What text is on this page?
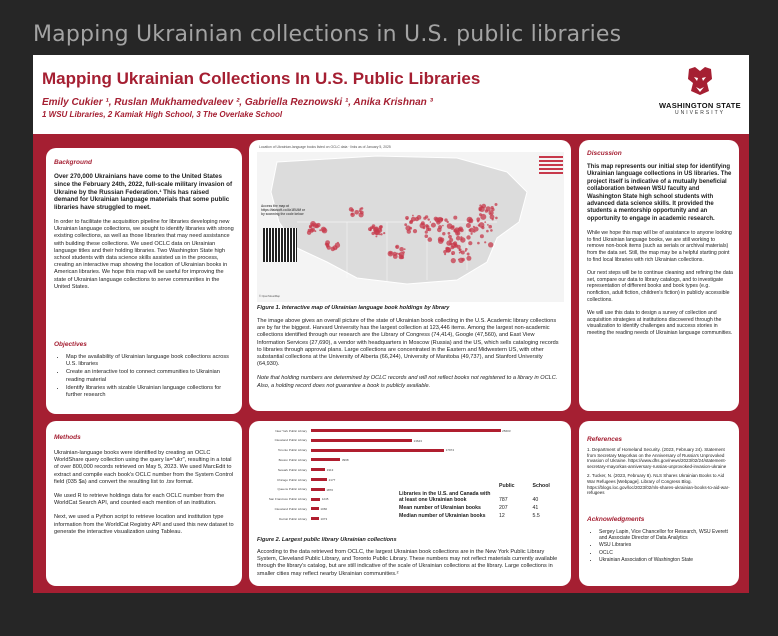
Mapping Ukrainian collections in U.S. public libraries
Mapping Ukrainian Collections In U.S. Public Libraries
Emily Cukier ¹, Ruslan Mukhamedvaleev ², Gabriella Reznowski ¹, Anika Krishnan ³
1 WSU Libraries, 2 Kamiak High School, 3 The Overlake School
WASHINGTON STATE
UNIVERSITY
Background

Over 270,000 Ukrainians have come to the United States since the February 24th, 2022, full-scale military invasion of Ukraine by the Russian Federation.¹ This has raised demand for Ukrainian language materials that some public libraries have struggled to meet.

In order to facilitate the acquisition pipeline for libraries developing new Ukrainian language collections, we sought to identify libraries with strong existing collections, as well as those libraries that may need assistance with building these collections. We used OCLC data on Ukrainian language titles and their holding libraries. Two Washington State high school students with data science skills assisted us in the process, creating an interactive map showing the location of Ukrainian books in American libraries. We hope this map will be useful for improving the state of Ukrainian language collections to serve communities in the United States.

Objectives
• Map the availability of Ukrainian language book collections across U.S. libraries
• Create an interactive tool to connect communities to Ukrainian reading material
• Identify libraries with sizable Ukrainian language collections for further research
Methods

Ukrainian-language books were identified by creating an OCLC WorldShare query collection using the query la="ukr", resulting in a total of over 800,000 records retrieved on May 5, 2023. We used MarcEdit to extract and compile each book's OCLC number from the System Control field (035 $a) and convert the resulting list to .tsv format.

We used R to retrieve holdings data for each OCLC number from the WorldCat Search API, and counted each mention of an institution.

Next, we used a Python script to retrieve location and institution type information from the WorldCat Registry API and used this new dataset to generate the interactive visualization using Tableau.

Location of Ukrainian-language books listed on OCLC data · links as of January 5, 2025
Access the map at https://tabsoft.co/4e1EUIM or by scanning the code below
© OpenStreetMap
Figure 1. Interactive map of Ukrainian language book holdings by library

The image above gives an overall picture of the state of Ukrainian book collecting in the U.S. Academic library collections are by far the biggest. Harvard University has the largest collection at 123,446 items. Among the largest non-academic collections identified through our research are the Library of Congress (74,414), Google (47,560), and East View Information Services (27,690), a vendor with headquarters in Moscow (Russia) and the US, which sells cataloging records to libraries through approval plans. Large collections are concentrated in the Eastern and Midwestern US, with other substantial collections at the University of Alberta (66,244), University of Manitoba (49,737), and Stanford University (64,930).

Note that holding numbers are determined by OCLC records and will not reflect books not registered to a library in OCLC. Also, a holding record does not guarantee a book is publicly available.

New York Public Library	25603
Cleveland Public Library	13643
Toronto Public Library	17974
Boston Public Library	3968
Newark Public Library	1913
Chicago Public Library	2177
Queens Public Library	1870
San Francisco Public Library	1245
Cleveland Public Library	1066
Detroit Public Library	1073
	Public	School
Libraries in the U.S. and Canada with at least one Ukrainian book	787	40
Mean number of Ukrainian books	207	41
Median number of Ukrainian books	12	5.5
Figure 2. Largest public library Ukrainian collections
According to the data retrieved from OCLC, the largest Ukrainian book collections are in the New York Public Library System, Cleveland Public Library, and Toronto Public Library. These numbers may not reflect materials currently available through the library's catalog, but are still indicative of the scale of Ukrainian collections at the library. Large collections in smaller cities may reflect nearby Ukrainian communities.²
Discussion

This map represents our initial step for identifying Ukrainian language collections in US libraries. The project itself is indicative of a mutually beneficial collaboration between WSU faculty and Washington State high school students with advanced data science skills. It provided the students a mentorship opportunity and an opportunity to engage in academic research.

While we hope this map will be of assistance to anyone looking to find Ukrainian language books, we are still working to remove non-book items (such as serials or archival materials) from the data set. Still, the map may be a helpful starting point to find local libraries with rich Ukrainian collections.

Our next steps will be to continue cleaning and refining the data set, compare our data to library catalogs, and to investigate representation of different books and book types (e.g. nonfiction, adult fiction, children's fiction) in publicly accessible collections.

We will use this data to design a survey of collection and acquisition strategies at institutions discovered through the visualization to identify challenges and success stories in meeting the reading needs of Ukrainian language communities.

References

1. Department of Homeland Security. (2023, February 24). Statement from Secretary Mayorkas on the Anniversary of Russia's Unprovoked Invasion of Ukraine. https://www.dhs.gov/news/2023/02/24/statement-secretary-mayorkas-anniversary-russias-unprovoked-invasion-ukraine

2. Tucker, N. (2023, February 8). NLS Shares Ukrainian Books to Aid War Refugees [Webpage]. Library of Congress Blog. https://blogs.loc.gov/loc/2023/02/nls-shares-ukrainian-books-to-aid-war-refugees

Acknowledgments
• Sergey Lapin, Vice Chancellor for Research, WSU Everett and Associate Director of Data Analytics
• WSU Libraries
• OCLC
• Ukrainian Association of Washington State
